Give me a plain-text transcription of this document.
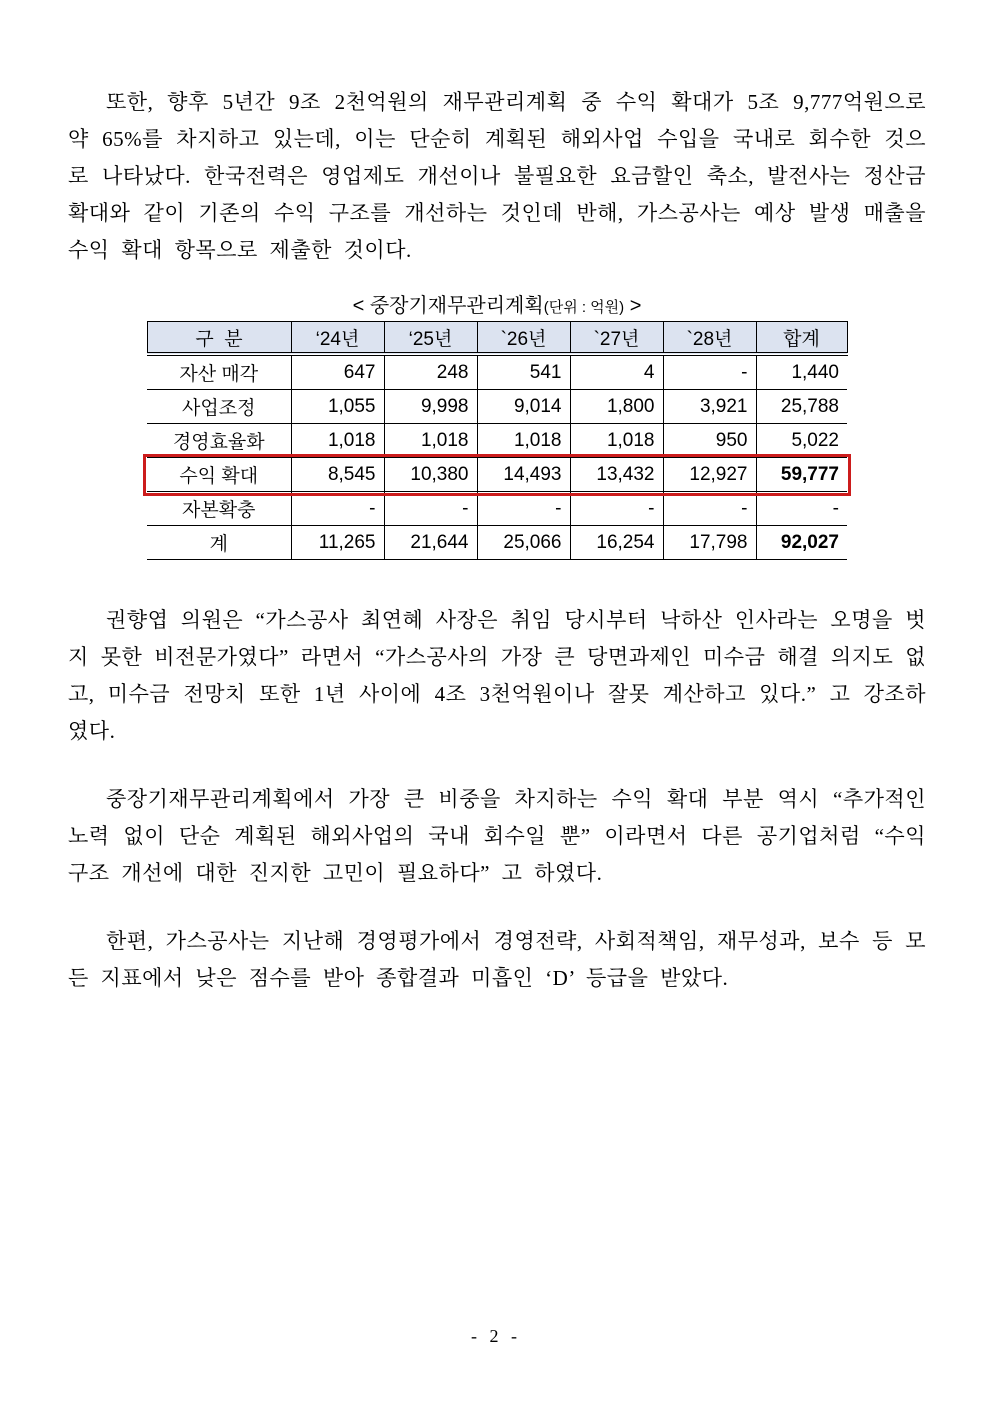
또한, 향후 5년간 9조 2천억원의 재무관리계획 중 수익 확대가 5조 9,777억원으로 약 65%를 차지하고 있는데, 이는 단순히 계획된 해외사업 수입을 국내로 회수한 것으로 나타났다. 한국전력은 영업제도 개선이나 불필요한 요금할인 축소, 발전사는 정산금 확대와 같이 기존의 수익 구조를 개선하는 것인데 반해, 가스공사는 예상 발생 매출을 수익 확대 항목으로 제출한 것이다.

< 중장기재무관리계획(단위 : 억원) >
구  분	‘24년	‘25년	`26년	`27년	`28년	합계
자산 매각	647	248	541	4	-	1,440
사업조정	1,055	9,998	9,014	1,800	3,921	25,788
경영효율화	1,018	1,018	1,018	1,018	950	5,022
수익 확대	8,545	10,380	14,493	13,432	12,927	59,777
자본확충	-	-	-	-	-	-
계	11,265	21,644	25,066	16,254	17,798	92,027

권향엽 의원은 “가스공사 최연혜 사장은 취임 당시부터 낙하산 인사라는 오명을 벗지 못한 비전문가였다” 라면서 “가스공사의 가장 큰 당면과제인 미수금 해결 의지도 없고, 미수금 전망치 또한 1년 사이에 4조 3천억원이나 잘못 계산하고 있다.” 고 강조하였다.

중장기재무관리계획에서 가장 큰 비중을 차지하는 수익 확대 부분 역시 “추가적인 노력 없이 단순 계획된 해외사업의 국내 회수일 뿐” 이라면서 다른 공기업처럼 “수익 구조 개선에 대한 진지한 고민이 필요하다” 고 하였다.

한편, 가스공사는 지난해 경영평가에서 경영전략, 사회적책임, 재무성과, 보수 등 모든 지표에서 낮은 점수를 받아 종합결과 미흡인 ‘D’ 등급을 받았다.

- 2 -
